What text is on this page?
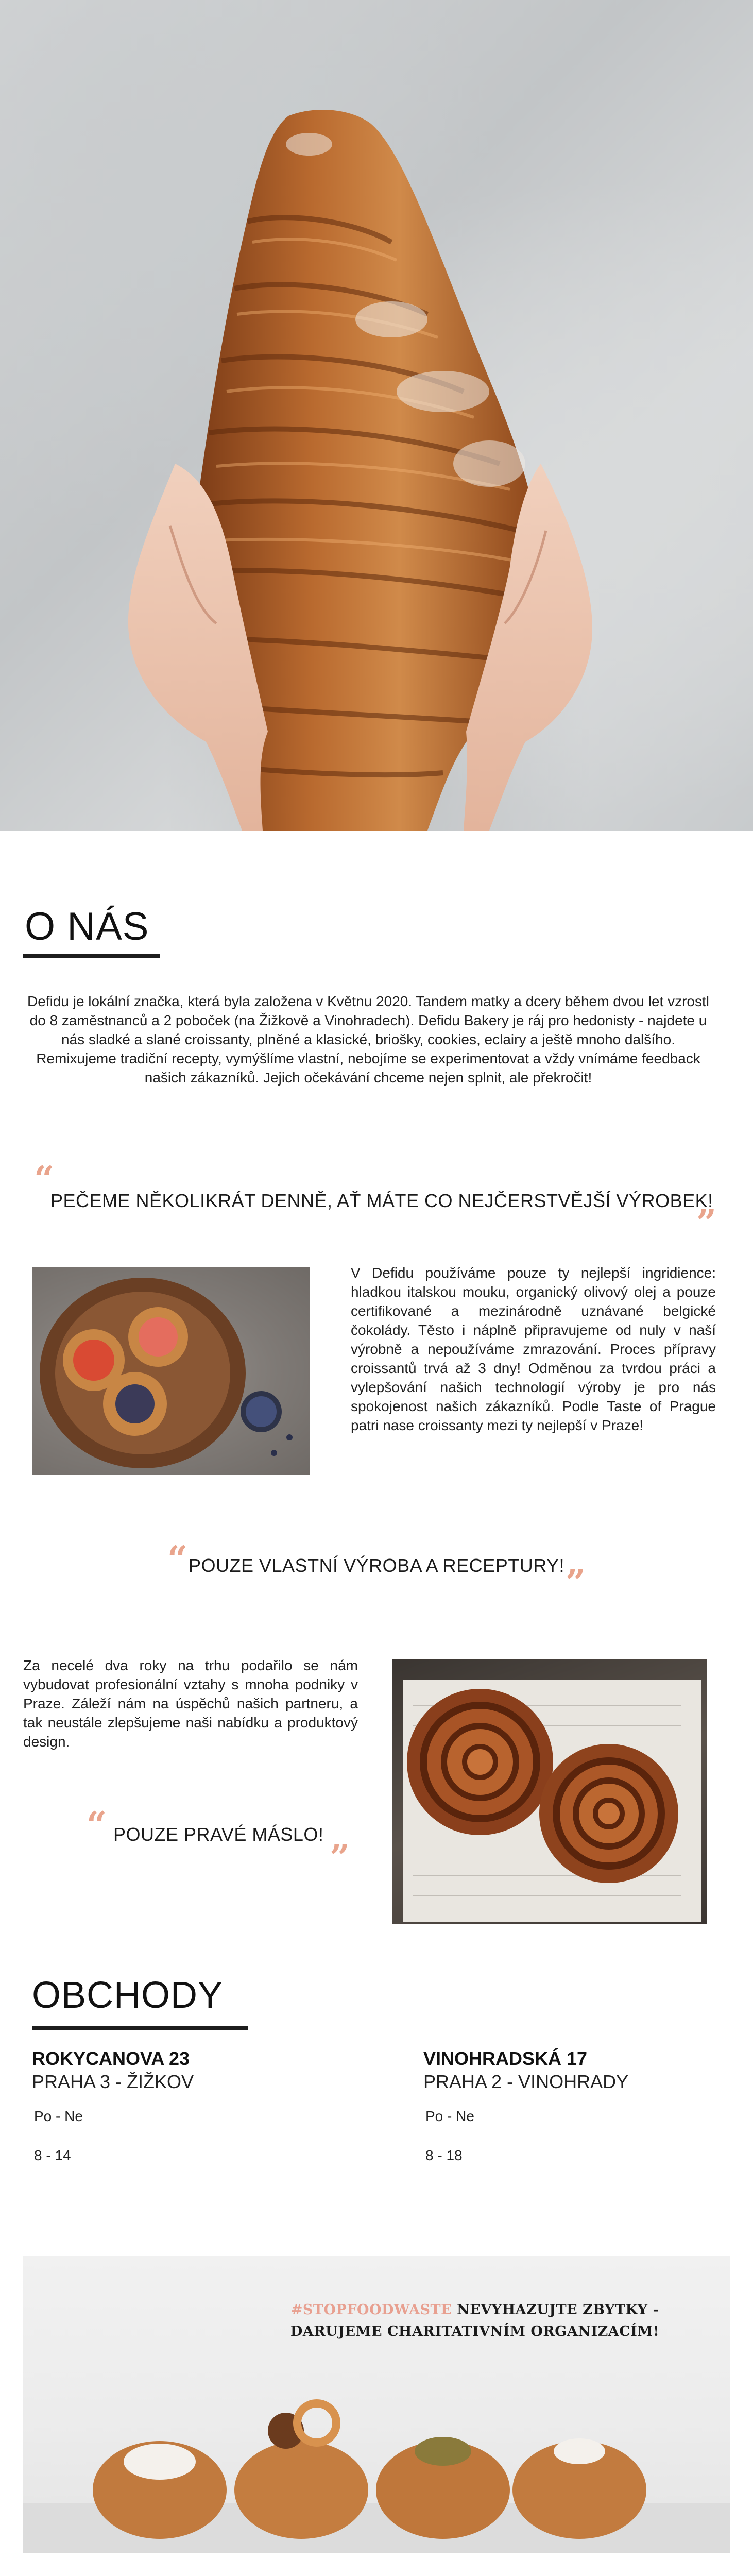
O NÁS
Defidu je lokální značka, která byla založena v Květnu 2020. Tandem matky a dcery během dvou let vzrostl do 8 zaměstnanců a 2 poboček (na Žižkově a Vinohradech). Defidu Bakery je ráj pro hedonisty - najdete u nás sladké a slané croissanty, plněné a klasické, brioškу, cookies, eclairy a ještě mnoho dalšího. Remixujeme tradiční recepty, vymýšlíme vlastní, nebojíme se experimentovat a vždy vnímáme feedback našich zákazníků. Jejich očekávání chceme nejen splnit, ale překročit!
“
PEČEME NĚKOLIKRÁT DENNĚ, AŤ MÁTE CO NEJČERSTVĚJŠÍ VÝROBEK!
”
V Defidu používáme pouze ty nejlepší ingridience: hladkou italskou mouku, organický olivový olej a pouze certifikované a mezinárodně uznávané belgické čokolády. Těsto i náplně připravujeme od nuly v naší výrobně a nepoužíváme zmrazování. Proces přípravy croissantů trvá až 3 dny! Odměnou za tvrdou práci a vylepšování našich technologií výroby je pro nás spokojenost našich zákazníků. Podle Taste of Prague patri nase croissanty mezi ty nejlepší v Praze!
“ POUZE VLASTNÍ VÝROBA A RECEPTURY! ”
Za necelé dva roky na trhu podařilo se nám vybudovat profesionální vztahy s mnoha podniky v Praze. Záleží nám na úspěchů našich partneru, a tak neustále zlepšujeme naši nabídku a produktový design.
“ POUZE PRAVÉ MÁSLO!
”
OBCHODY
ROKYCANOVA 23
PRAHA 3 - ŽIŽKOV
Po - Ne
8 - 14
VINOHRADSKÁ 17
PRAHA 2 - VINOHRADY
Po - Ne
8 - 18
#STOPFOODWASTE NEVYHAZUJTE ZBYTKY -
DARUJEME CHARITATIVNÍM ORGANIZACÍM!
